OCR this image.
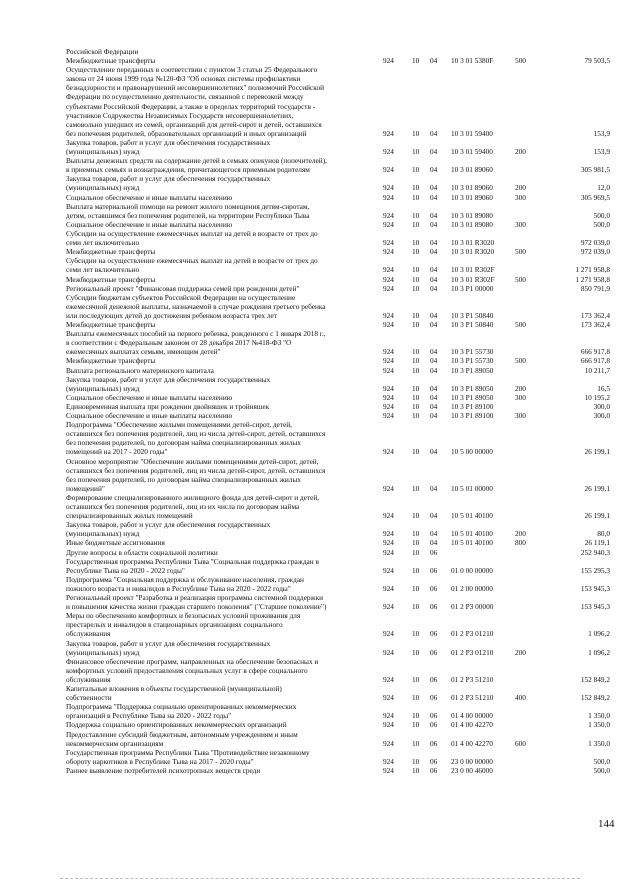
Российской Федерации
Межбюджетные трансферты	924	10	04	10 3 01 5380F	500	79 503,5
Осуществление переданных в соответствии с пунктом 3 статьи 25 Федерального
закона от 24 июня 1999 года №120-ФЗ "Об основах системы профилактики
безнадзорности и правонарушений несовершеннолетних" полномочий Российской
Федерации по осуществлению деятельности, связанной с перевозкой между
субъектами Российской Федерации, а также в пределах территорий государств -
участников Содружества Независимых Государств несовершеннолетних,
самовольно ушедших из семей, организаций для детей-сирот и детей, оставшихся
без попечения родителей, образовательных организаций и иных организаций	924	10	04	10 3 01 59400	153,9
Закупка товаров, работ и услуг для обеспечения государственных
(муниципальных) нужд	924	10	04	10 3 01 59400	200	153,9
Выплаты денежных средств на содержание детей в семьях опекунов (попечителей),
в приемных семьях и вознаграждения, причитающегося приемным родителям	924	10	04	10 3 01 89060	305 981,5
Закупка товаров, работ и услуг для обеспечения государственных
(муниципальных) нужд	924	10	04	10 3 01 89060	200	12,0
Социальное обеспечение и иные выплаты населению	924	10	04	10 3 01 89060	300	305 969,5
Выплата материальной помощи на ремонт жилого помещения детям-сиротам,
детям, оставшимся без попечения родителей, на территории Республики Тыва	924	10	04	10 3 01 89080	500,0
Социальное обеспечение и иные выплаты населению	924	10	04	10 3 01 89080	300	500,0
Субсидии на осуществление ежемесячных выплат на детей в возрасте от трех до
семи лет включительно	924	10	04	10 3 01 R3020	972 039,0
Межбюджетные трансферты	924	10	04	10 3 01 R3020	500	972 039,0
Субсидии на осуществление ежемесячных выплат на детей в возрасте от трех до
семи лет включительно	924	10	04	10 3 01 R302F	1 271 958,8
Межбюджетные трансферты	924	10	04	10 3 01 R302F	500	1 271 958,8
Региональный проект "Финансовая поддержка семей при рождении детей"	924	10	04	10 3 P1 00000	850 791,9
Субсидии бюджетам субъектов Российской Федерации на осуществление
ежемесячной денежной выплаты, назначаемой в случае рождения третьего ребенка
или последующих детей до достижения ребенком возраста трех лет	924	10	04	10 3 P1 50840	173 362,4
Межбюджетные трансферты	924	10	04	10 3 P1 50840	500	173 362,4
Выплаты ежемесячных пособий на первого ребенка, рожденного с 1 января 2018 г.,
в соответствии с Федеральным законом от 28 декабря 2017 №418-ФЗ "О
ежемесячных выплатах семьям, имеющим детей"	924	10	04	10 3 P1 55730	666 917,8
Межбюджетные трансферты	924	10	04	10 3 P1 55730	500	666 917,8
Выплата регионального материнского капитала	924	10	04	10 3 P1 89050	10 211,7
Закупка товаров, работ и услуг для обеспечения государственных
(муниципальных) нужд	924	10	04	10 3 P1 89050	200	16,5
Социальное обеспечение и иные выплаты населению	924	10	04	10 3 P1 89050	300	10 195,2
Единовременная выплата при рождении двойняшек и тройняшек	924	10	04	10 3 P1 89100	300,0
Социальное обеспечение и иные выплаты населению	924	10	04	10 3 P1 89100	300	300,0
Подпрограмма "Обеспечение жилыми помещениями детей-сирот, детей,
оставшихся без попечения родителей, лиц из числа детей-сирот, детей, оставшихся
без попечения родителей, по договорам найма специализированных жилых
помещений на 2017 - 2020 годы"	924	10	04	10 5 00 00000	26 199,1
Основное мероприятие "Обеспечение жилыми помещениями детей-сирот, детей,
оставшихся без попечения родителей, лиц из числа детей-сирот, детей, оставшихся
без попечения родителей, по договорам найма специализированных жилых
помещений"	924	10	04	10 5 01 00000	26 199,1
Формирование специализированного жилищного фонда для детей-сирот и детей,
оставшихся без попечения родителей, лиц из их числа по договорам найма
специализированных жилых помещений	924	10	04	10 5 01 40100	26 199,1
Закупка товаров, работ и услуг для обеспечения государственных
(муниципальных) нужд	924	10	04	10 5 01 40100	200	80,0
Иные бюджетные ассигнования	924	10	04	10 5 01 40100	800	26 119,1
Другие вопросы в области социальной политики	924	10	06	252 940,3
Государственная программа Республики Тыва "Социальная поддержка граждан в
Республике Тыва на 2020 - 2022 годы"	924	10	06	01 0 00 00000	155 295,3
Подпрограмма "Социальная поддержка и обслуживание населения, граждан
пожилого возраста и инвалидов в Республике Тыва на 2020 - 2022 годы"	924	10	06	01 2 00 00000	153 945,3
Региональный проект "Разработка и реализация программы системной поддержки
и повышения качества жизни граждан старшего поколения" ("Старшее поколение")	924	10	06	01 2 P3 00000	153 945,3
Меры по обеспечению комфортных и безопасных условий проживания для
престарелых и инвалидов в стационарных организациях социального
обслуживания	924	10	06	01 2 P3 01210	1 096,2
Закупка товаров, работ и услуг для обеспечения государственных
(муниципальных) нужд	924	10	06	01 2 P3 01210	200	1 096,2
Финансовое обеспечение программ, направленных на обеспечение безопасных и
комфортных условий предоставления социальных услуг в сфере социального
обслуживания	924	10	06	01 2 P3 51210	152 849,2
Капитальные вложения в объекты государственной (муниципальной)
собственности	924	10	06	01 2 P3 51210	400	152 849,2
Подпрограмма "Поддержка социально ориентированных некоммерческих
организаций в Республике Тыва на 2020 - 2022 годы"	924	10	06	01 4 00 00000	1 350,0
Поддержка социально ориентированных некоммерческих организаций	924	10	06	01 4 00 42270	1 350,0
Предоставление субсидий бюджетным, автономным учреждениям и иным
некоммерческим организациям	924	10	06	01 4 00 42270	600	1 350,0
Государственная программа Республики Тыва "Противодействие незаконному
обороту наркотиков в Республике Тыва на 2017 - 2020 годы"	924	10	06	23 0 00 00000	500,0
Раннее выявление потребителей психотропных веществ среди	924	10	06	23 0 00 46000	500,0
144
